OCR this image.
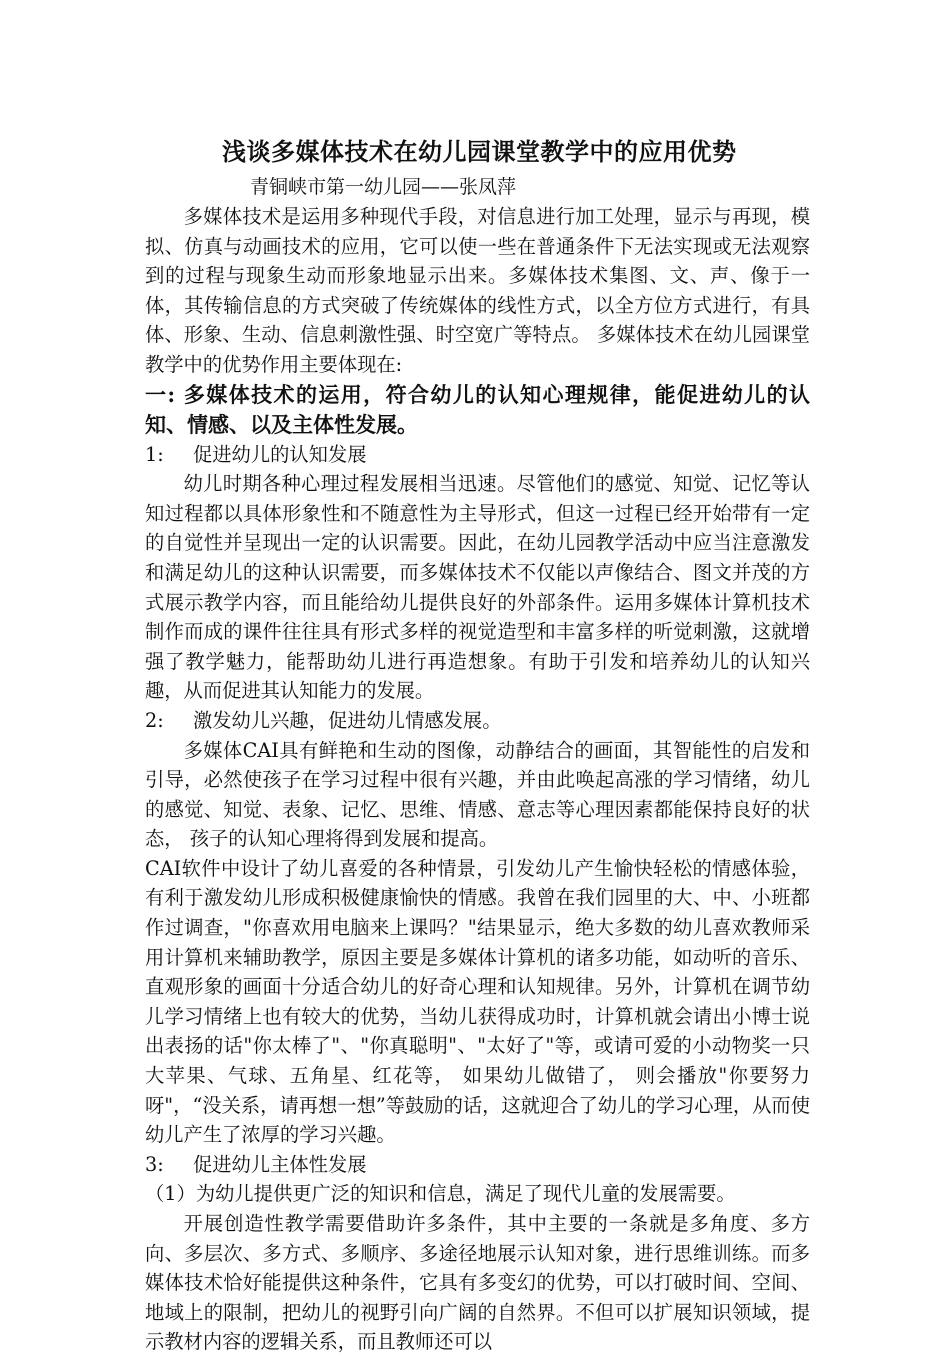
浅谈多媒体技术在幼儿园课堂教学中的应用优势
青铜峡市第一幼儿园——张凤萍

多媒体技术是运用多种现代手段，对信息进行加工处理，显示与再现，模拟、仿真与动画技术的应用，它可以使一些在普通条件下无法实现或无法观察到的过程与现象生动而形象地显示出来。多媒体技术集图、文、声、像于一体，其传输信息的方式突破了传统媒体的线性方式，以全方位方式进行，有具体、形象、生动、信息刺激性强、时空宽广等特点。 多媒体技术在幼儿园课堂教学中的优势作用主要体现在:

一: 多媒体技术的运用，符合幼儿的认知心理规律，能促进幼儿的认知、情感、以及主体性发展。
1: 促进幼儿的认知发展

幼儿时期各种心理过程发展相当迅速。尽管他们的感觉、知觉、记忆等认知过程都以具体形象性和不随意性为主导形式，但这一过程已经开始带有一定的自觉性并呈现出一定的认识需要。因此，在幼儿园教学活动中应当注意激发和满足幼儿的这种认识需要，而多媒体技术不仅能以声像结合、图文并茂的方式展示教学内容，而且能给幼儿提供良好的外部条件。运用多媒体计算机技术制作而成的课件往往具有形式多样的视觉造型和丰富多样的听觉刺激，这就增强了教学魅力，能帮助幼儿进行再造想象。有助于引发和培养幼儿的认知兴趣，从而促进其认知能力的发展。

2: 激发幼儿兴趣，促进幼儿情感发展。

多媒体CAI具有鲜艳和生动的图像，动静结合的画面，其智能性的启发和引导，必然使孩子在学习过程中很有兴趣，并由此唤起高涨的学习情绪，幼儿的感觉、知觉、表象、记忆、思维、情感、意志等心理因素都能保持良好的状态， 孩子的认知心理将得到发展和提高。

CAI软件中设计了幼儿喜爱的各种情景，引发幼儿产生愉快轻松的情感体验，有利于激发幼儿形成积极健康愉快的情感。我曾在我们园里的大、中、小班都作过调查，"你喜欢用电脑来上课吗？"结果显示，绝大多数的幼儿喜欢教师采用计算机来辅助教学，原因主要是多媒体计算机的诸多功能，如动听的音乐、直观形象的画面十分适合幼儿的好奇心理和认知规律。另外，计算机在调节幼儿学习情绪上也有较大的优势，当幼儿获得成功时，计算机就会请出小博士说出表扬的话"你太棒了"、"你真聪明"、"太好了"等，或请可爱的小动物奖一只大苹果、气球、五角星、红花等， 如果幼儿做错了， 则会播放"你要努力呀"，“没关系，请再想一想”等鼓励的话，这就迎合了幼儿的学习心理，从而使幼儿产生了浓厚的学习兴趣。

3: 促进幼儿主体性发展

（1）为幼儿提供更广泛的知识和信息，满足了现代儿童的发展需要。

开展创造性教学需要借助许多条件，其中主要的一条就是多角度、多方向、多层次、多方式、多顺序、多途径地展示认知对象，进行思维训练。而多媒体技术恰好能提供这种条件，它具有多变幻的优势，可以打破时间、空间、地域上的限制，把幼儿的视野引向广阔的自然界。不但可以扩展知识领域，提示教材内容的逻辑关系，而且教师还可以
